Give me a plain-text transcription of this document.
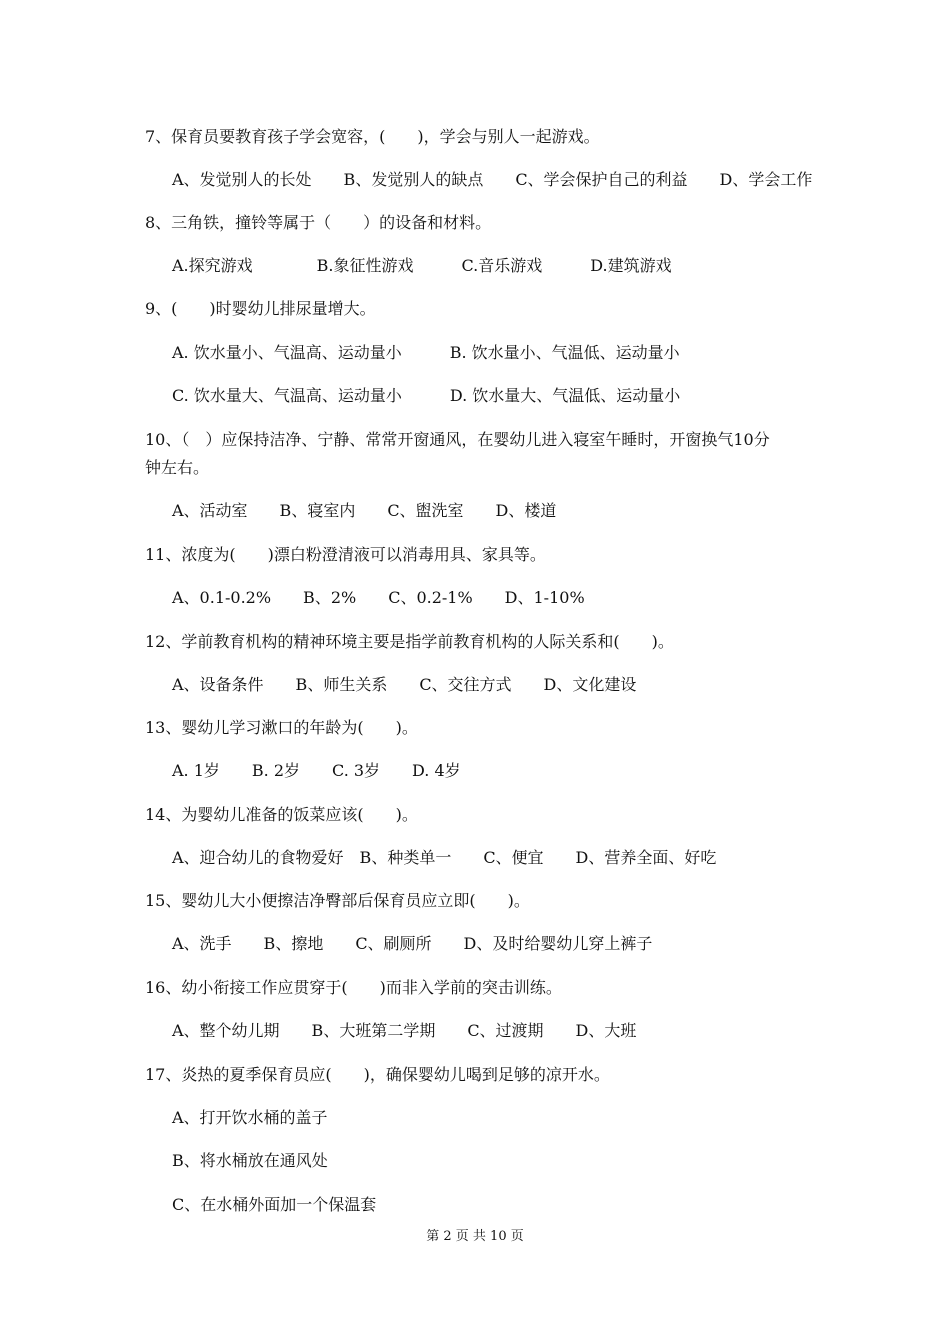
7、保育员要教育孩子学会宽容，(　　)，学会与别人一起游戏。
A、发觉别人的长处　　B、发觉别人的缺点　　C、学会保护自己的利益　　D、学会工作
8、三角铁，撞铃等属于（　　）的设备和材料。
A.探究游戏　　　　B.象征性游戏　　　C.音乐游戏　　　D.建筑游戏
9、(　　)时婴幼儿排尿量增大。
A. 饮水量小、气温高、运动量小　　　B. 饮水量小、气温低、运动量小
C. 饮水量大、气温高、运动量小　　　D. 饮水量大、气温低、运动量小
10、（　）应保持洁净、宁静、常常开窗通风，在婴幼儿进入寝室午睡时，开窗换气10分
钟左右。
A、活动室　　B、寝室内　　C、盥洗室　　D、楼道
11、浓度为(　　)漂白粉澄清液可以消毒用具、家具等。
A、0.1-0.2%　　B、2%　　C、0.2-1%　　D、1-10%
12、学前教育机构的精神环境主要是指学前教育机构的人际关系和(　　)。
A、设备条件　　B、师生关系　　C、交往方式　　D、文化建设
13、婴幼儿学习漱口的年龄为(　　)。
A. 1岁　　B. 2岁　　C. 3岁　　D. 4岁
14、为婴幼儿准备的饭菜应该(　　)。
A、迎合幼儿的食物爱好　B、种类单一　　C、便宜　　D、营养全面、好吃
15、婴幼儿大小便擦洁净臀部后保育员应立即(　　)。
A、洗手　　B、擦地　　C、刷厕所　　D、及时给婴幼儿穿上裤子
16、幼小衔接工作应贯穿于(　　)而非入学前的突击训练。
A、整个幼儿期　　B、大班第二学期　　C、过渡期　　D、大班
17、炎热的夏季保育员应(　　)，确保婴幼儿喝到足够的凉开水。
A、打开饮水桶的盖子
B、将水桶放在通风处
C、在水桶外面加一个保温套
第 2 页 共 10 页
